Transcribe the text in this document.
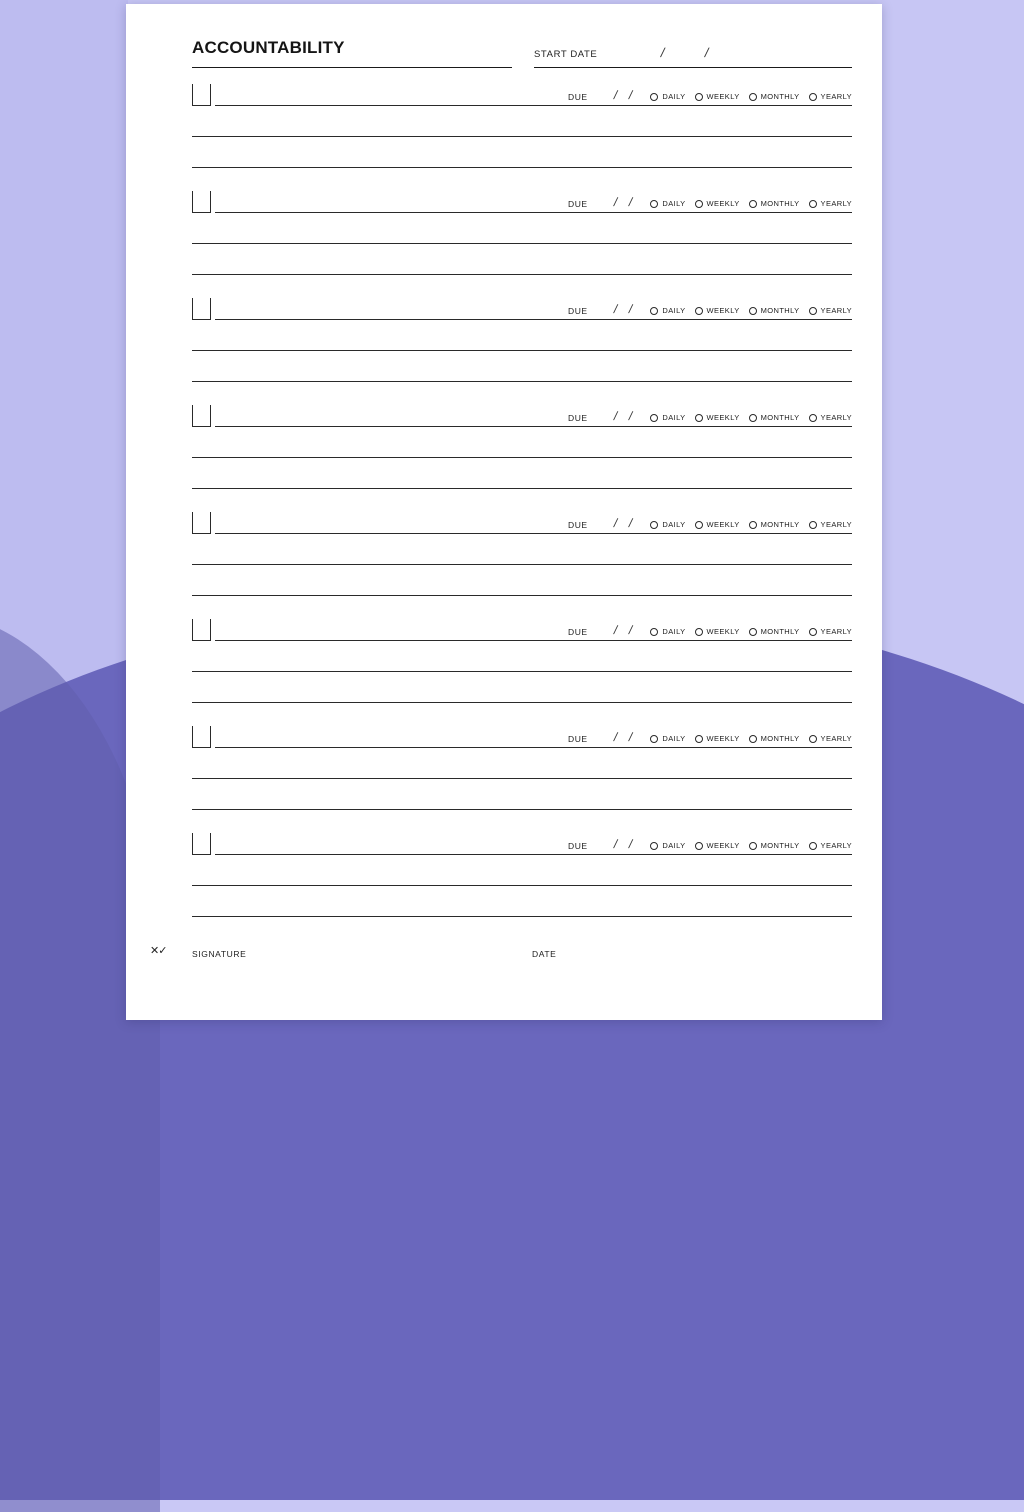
ACCOUNTABILITY	START DATE	/	/
DUE / /	DAILY	WEEKLY	MONTHLY	YEARLY
DUE / /	DAILY	WEEKLY	MONTHLY	YEARLY
DUE / /	DAILY	WEEKLY	MONTHLY	YEARLY
DUE / /	DAILY	WEEKLY	MONTHLY	YEARLY
DUE / /	DAILY	WEEKLY	MONTHLY	YEARLY
DUE / /	DAILY	WEEKLY	MONTHLY	YEARLY
DUE / /	DAILY	WEEKLY	MONTHLY	YEARLY
DUE / /	DAILY	WEEKLY	MONTHLY	YEARLY
✕✓	SIGNATURE	DATE
